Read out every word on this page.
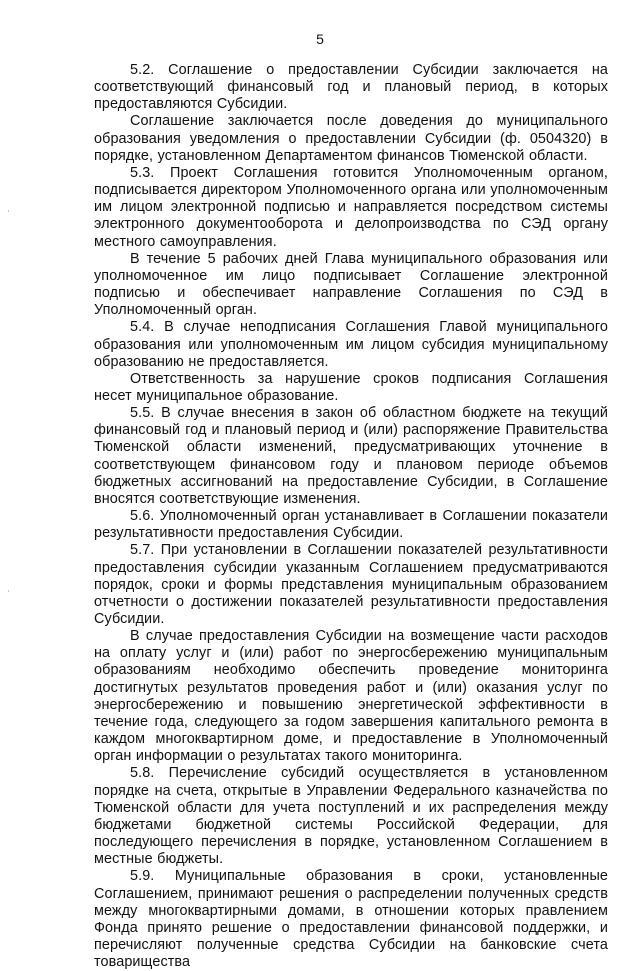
5

5.2. Соглашение о предоставлении Субсидии заключается на соответствующий финансовый год и плановый период, в которых предоставляются Субсидии.

Соглашение заключается после доведения до муниципального образования уведомления о предоставлении Субсидии (ф. 0504320) в порядке, установленном Департаментом финансов Тюменской области.

5.3. Проект Соглашения готовится Уполномоченным органом, подписывается директором Уполномоченного органа или уполномоченным им лицом электронной подписью и направляется посредством системы электронного документооборота и делопроизводства по СЭД органу местного самоуправления.

В течение 5 рабочих дней Глава муниципального образования или уполномоченное им лицо подписывает Соглашение электронной подписью и обеспечивает направление Соглашения по СЭД в Уполномоченный орган.

5.4. В случае неподписания Соглашения Главой муниципального образования или уполномоченным им лицом субсидия муниципальному образованию не предоставляется.

Ответственность за нарушение сроков подписания Соглашения несет муниципальное образование.

5.5. В случае внесения в закон об областном бюджете на текущий финансовый год и плановый период и (или) распоряжение Правительства Тюменской области изменений, предусматривающих уточнение в соответствующем финансовом году и плановом периоде объемов бюджетных ассигнований на предоставление Субсидии, в Соглашение вносятся соответствующие изменения.

5.6. Уполномоченный орган устанавливает в Соглашении показатели результативности предоставления Субсидии.

5.7. При установлении в Соглашении показателей результативности предоставления субсидии указанным Соглашением предусматриваются порядок, сроки и формы представления муниципальным образованием отчетности о достижении показателей результативности предоставления Субсидии.

В случае предоставления Субсидии на возмещение части расходов на оплату услуг и (или) работ по энергосбережению муниципальным образованиям необходимо обеспечить проведение мониторинга достигнутых результатов проведения работ и (или) оказания услуг по энергосбережению и повышению энергетической эффективности в течение года, следующего за годом завершения капитального ремонта в каждом многоквартирном доме, и предоставление в Уполномоченный орган информации о результатах такого мониторинга.

5.8. Перечисление субсидий осуществляется в установленном порядке на счета, открытые в Управлении Федерального казначейства по Тюменской области для учета поступлений и их распределения между бюджетами бюджетной системы Российской Федерации, для последующего перечисления в порядке, установленном Соглашением в местные бюджеты.

5.9. Муниципальные образования в сроки, установленные Соглашением, принимают решения о распределении полученных средств между многоквартирными домами, в отношении которых правлением Фонда принято решение о предоставлении финансовой поддержки, и перечисляют полученные средства Субсидии на банковские счета товарищества
